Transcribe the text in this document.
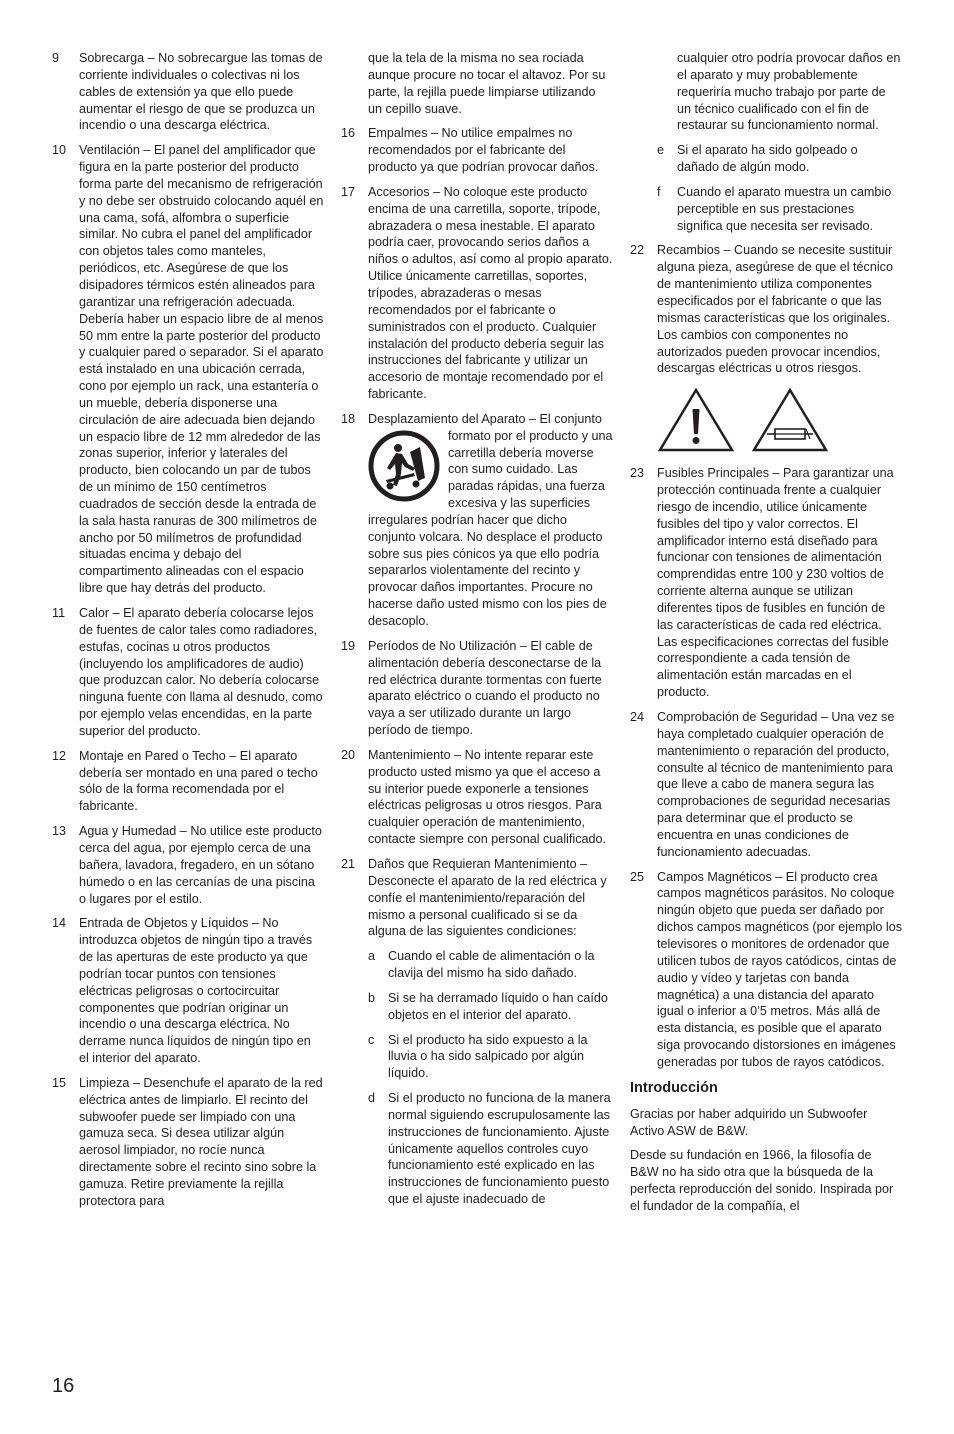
9 Sobrecarga – No sobrecargue las tomas de corriente individuales o colectivas ni los cables de extensión ya que ello puede aumentar el riesgo de que se produzca un incendio o una descarga eléctrica.

10 Ventilación – El panel del amplificador que figura en la parte posterior del producto forma parte del mecanismo de refrigeración y no debe ser obstruido colocando aquél en una cama, sofá, alfombra o superficie similar. No cubra el panel del amplificador con objetos tales como manteles, periódicos, etc. Asegúrese de que los disipadores térmicos estén alineados para garantizar una refrigeración adecuada. Debería haber un espacio libre de al menos 50 mm entre la parte posterior del producto y cualquier pared o separador. Si el aparato está instalado en una ubicación cerrada, cono por ejemplo un rack, una estantería o un mueble, debería disponerse una circulación de aire adecuada bien dejando un espacio libre de 12 mm alrededor de las zonas superior, inferior y laterales del producto, bien colocando un par de tubos de un mínimo de 150 centímetros cuadrados de sección desde la entrada de la sala hasta ranuras de 300 milímetros de ancho por 50 milímetros de profundidad situadas encima y debajo del compartimento alineadas con el espacio libre que hay detrás del producto.

11 Calor – El aparato debería colocarse lejos de fuentes de calor tales como radiadores, estufas, cocinas u otros productos (incluyendo los amplificadores de audio) que produzcan calor. No debería colocarse ninguna fuente con llama al desnudo, como por ejemplo velas encendidas, en la parte superior del producto.

12 Montaje en Pared o Techo – El aparato debería ser montado en una pared o techo sólo de la forma recomendada por el fabricante.

13 Agua y Humedad – No utilice este producto cerca del agua, por ejemplo cerca de una bañera, lavadora, fregadero, en un sótano húmedo o en las cercanías de una piscina o lugares por el estilo.

14 Entrada de Objetos y Líquidos – No introduzca objetos de ningún tipo a través de las aperturas de este producto ya que podrían tocar puntos con tensiones eléctricas peligrosas o cortocircuitar componentes que podrían originar un incendio o una descarga eléctrica. No derrame nunca líquidos de ningún tipo en el interior del aparato.

15 Limpieza – Desenchufe el aparato de la red eléctrica antes de limpiarlo. El recinto del subwoofer puede ser limpiado con una gamuza seca. Si desea utilizar algún aerosol limpiador, no rocíe nunca directamente sobre el recinto sino sobre la gamuza. Retire previamente la rejilla protectora para

que la tela de la misma no sea rociada aunque procure no tocar el altavoz. Por su parte, la rejilla puede limpiarse utilizando un cepillo suave.

16 Empalmes – No utilice empalmes no recomendados por el fabricante del producto ya que podrían provocar daños.

17 Accesorios – No coloque este producto encima de una carretilla, soporte, trípode, abrazadera o mesa inestable. El aparato podría caer, provocando serios daños a niños o adultos, así como al propio aparato. Utilice únicamente carretillas, soportes, trípodes, abrazaderas o mesas recomendados por el fabricante o suministrados con el producto. Cualquier instalación del producto debería seguir las instrucciones del fabricante y utilizar un accesorio de montaje recomendado por el fabricante.

18 Desplazamiento del Aparato – El conjunto formato por el producto y una
carretilla debería moverse con sumo cuidado. Las paradas rápidas, una fuerza excesiva y las superficies irregulares podrían hacer que dicho conjunto volcara. No desplace el producto sobre sus pies cónicos ya que ello podría separarlos violentamente del recinto y provocar daños importantes. Procure no hacerse daño usted mismo con los pies de desacoplo.
19 Períodos de No Utilización – El cable de alimentación debería desconectarse de la red eléctrica durante tormentas con fuerte aparato eléctrico o cuando el producto no vaya a ser utilizado durante un largo período de tiempo.

20 Mantenimiento – No intente reparar este producto usted mismo ya que el acceso a su interior puede exponerle a tensiones eléctricas peligrosas u otros riesgos. Para cualquier operación de mantenimiento, contacte siempre con personal cualificado.

21 Daños que Requieran Mantenimiento – Desconecte el aparato de la red eléctrica y confíe el mantenimiento/reparación del mismo a personal cualificado si se da alguna de las siguientes condiciones:

a Cuando el cable de alimentación o la clavija del mismo ha sido dañado.

b Si se ha derramado líquido o han caído objetos en el interior del aparato.

c Si el producto ha sido expuesto a la lluvia o ha sido salpicado por algún líquido.

d Si el producto no funciona de la manera normal siguiendo escrupulosamente las instrucciones de funcionamiento. Ajuste únicamente aquellos controles cuyo funcionamiento esté explicado en las instrucciones de funcionamiento puesto que el ajuste inadecuado de

cualquier otro podría provocar daños en el aparato y muy probablemente requeriría mucho trabajo por parte de un técnico cualificado con el fin de restaurar su funcionamiento normal.

e Si el aparato ha sido golpeado o dañado de algún modo.

f Cuando el aparato muestra un cambio perceptible en sus prestaciones significa que necesita ser revisado.

22 Recambios – Cuando se necesite sustituir alguna pieza, asegúrese de que el técnico de mantenimiento utiliza componentes especificados por el fabricante o que las mismas características que los originales. Los cambios con componentes no autorizados pueden provocar incendios, descargas eléctricas u otros riesgos.

23 Fusibles Principales – Para garantizar una protección continuada frente a cualquier riesgo de incendio, utilice únicamente fusibles del tipo y valor correctos. El amplificador interno está diseñado para funcionar con tensiones de alimentación comprendidas entre 100 y 230 voltios de corriente alterna aunque se utilizan diferentes tipos de fusibles en función de las características de cada red eléctrica. Las especificaciones correctas del fusible correspondiente a cada tensión de alimentación están marcadas en el producto.

24 Comprobación de Seguridad – Una vez se haya completado cualquier operación de mantenimiento o reparación del producto, consulte al técnico de mantenimiento para que lleve a cabo de manera segura las comprobaciones de seguridad necesarias para determinar que el producto se encuentra en unas condiciones de funcionamiento adecuadas.

25 Campos Magnéticos – El producto crea campos magnéticos parásitos. No coloque ningún objeto que pueda ser dañado por dichos campos magnéticos (por ejemplo los televisores o monitores de ordenador que utilicen tubos de rayos catódicos, cintas de audio y vídeo y tarjetas con banda magnética) a una distancia del aparato igual o inferior a 0’5 metros. Más allá de esta distancia, es posible que el aparato siga provocando distorsiones en imágenes generadas por tubos de rayos catódicos.

Introducción

Gracias por haber adquirido un Subwoofer Activo ASW de B&W.

Desde su fundación en 1966, la filosofía de B&W no ha sido otra que la búsqueda de la perfecta reproducción del sonido. Inspirada por el fundador de la compañía, el

16
